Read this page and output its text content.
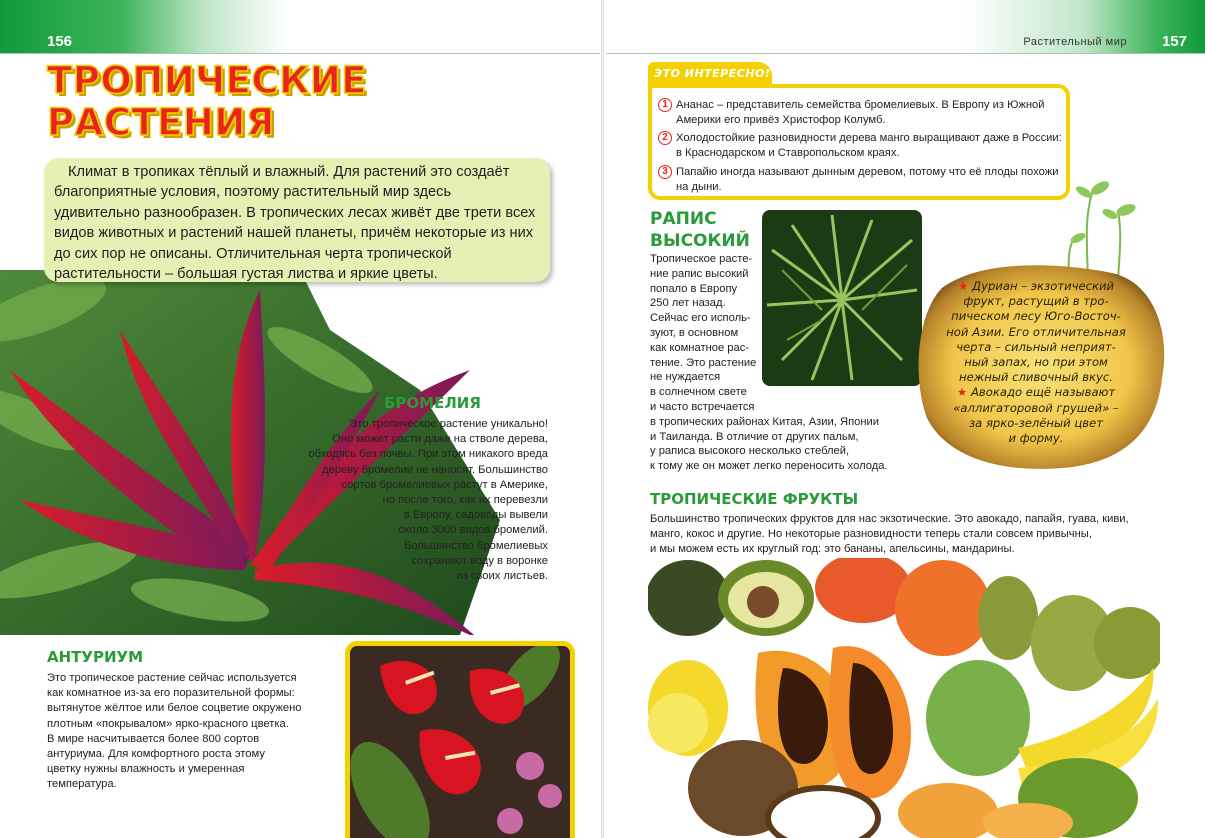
156	157
Растительный мир
ТРОПИЧЕСКИЕ
РАСТЕНИЯ

Климат в тропиках тёплый и влажный. Для растений это создаёт благоприятные условия, поэтому растительный мир здесь удивительно разнообразен. В тропических лесах живёт две трети всех видов животных и растений нашей планеты, причём некоторые из них до сих пор не описаны. Отличительная черта тропической растительности – большая густая листва и яркие цветы.

БРОМЕЛИЯ
Это тропическое растение уникально!
Оно может расти даже на стволе дерева,
обходясь без почвы. При этом никакого вреда
дереву бромелии не наносят. Большинство
сортов бромелиевых растут в Америке,
но после того, как их перевезли
в Европу, садоводы вывели
около 3000 видов бромелий.
Большинство бромелиевых
сохраняют воду в воронке
из своих листьев.
АНТУРИУМ
Это тропическое растение сейчас используется
как комнатное из-за его поразительной формы:
вытянутое жёлтое или белое соцветие окружено
плотным «покрывалом» ярко-красного цветка.
В мире насчитывается более 800 сортов
антуриума. Для комфортного роста этому
цветку нужны влажность и умеренная
температура.
ЭТО ИНТЕРЕСНО!
1 Ананас – представитель семейства бромелиевых. В Европу из Южной Америки его привёз Христофор Колумб.
2 Холодостойкие разновидности дерева манго выращивают даже в России: в Краснодарском и Ставропольском краях.
3 Папайю иногда называют дынным деревом, потому что её плоды похожи на дыни.
РАПИС
ВЫСОКИЙ
Тропическое расте-
ние рапис высокий
попало в Европу
250 лет назад.
Сейчас его исполь-
зуют, в основном
как комнатное рас-
тение. Это растение
не нуждается
в солнечном свете
и часто встречается
в тропических районах Китая, Азии, Японии
и Таиланда. В отличие от других пальм,
у раписа высокого несколько стеблей,
к тому же он может легко переносить холода.
★ Дуриан – экзотический
фрукт, растущий в тро-
пическом лесу Юго-Восточ-
ной Азии. Его отличительная
черта – сильный неприят-
ный запах, но при этом
нежный сливочный вкус.
★ Авокадо ещё называют
«аллигаторовой грушей» –
за ярко-зелёный цвет
и форму.
ТРОПИЧЕСКИЕ ФРУКТЫ
Большинство тропических фруктов для нас экзотические. Это авокадо, папайя, гуава, киви,
манго, кокос и другие. Но некоторые разновидности теперь стали совсем привычны,
и мы можем есть их круглый год: это бананы, апельсины, мандарины.
